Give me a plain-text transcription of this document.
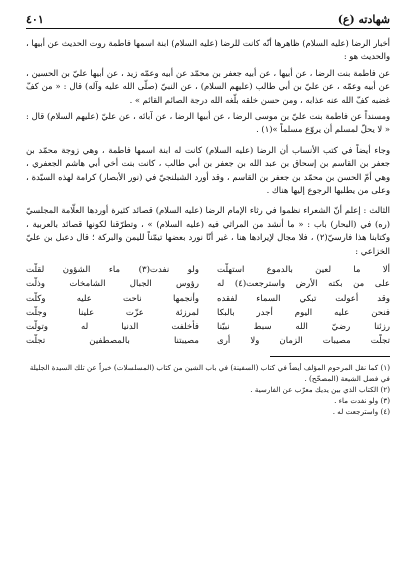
شهادته (ع)
٤٠١

أخبار الرضا (عليه السلام) ظاهرها أنّه كانت للرضا (عليه السلام) ابنة اسمها فاطمة روت الحديث عن أبيها ، والحديث هو :

عن فاطمة بنت الرضا ، عن أبيها ، عن أبيه جعفر بن محمّد عن أبيه وعمّه زيد ، عن أبيها عليّ بن الحسين ، عن أبيه وعمّه ، عن عليّ بن أبي طالب (عليهم السلام) ، عن النبيّ (صلّى الله عليه وآله) قال : « من كفّ غضبه كفّ الله عنه عذابه ، ومن حسن خلقه بلّغه الله درجة الصائم القائم » .

ومسنداً عن فاطمة بنت عليّ بن موسى الرضا ، عن أبيها الرضا ، عن آبائه ، عن عليّ (عليهم السلام) قال : « لا يحلّ لمسلم أن يروّع مسلماً »(١) .

وجاء أيضاً في كتب الأنساب أن الرضا (عليه السلام) كانت له ابنة اسمها فاطمة ، وهي زوجة محمّد بن جعفر بن القاسم بن إسحاق بن عبد الله بن جعفر بن أبي طالب ، كانت بنت أخي أبي هاشم الجعفري ، وهي أمّ الحسن بن محمّد بن جعفر بن القاسم ، وقد أورد الشبلنجيّ في (نور الأبصار) كرامة لهذه السيّدة ، وعلى من يطلبها الرجوع إليها هناك .

الثالث : إعلم أنّ الشعراء نظموا في رثاء الإمام الرضا (عليه السلام) قصائد كثيرة أوردها العلّامة المجلسيّ (ره) في (البحار) باب : « ما أنشد من المراثي فيه (عليه السلام) » ، وتطرّقنا لكونها قصائد بالعربية ، وكتابنا هذا فارسيّ(٢) ، فلا مجال لإيرادها هنا ، غير أنّا نورد بعضها تيمّناً لليمن والبركة ؛ قال دعبل بن عليّ الخزاعي :

ألا ما لعين بالدموع استهلّت
ولو نفدت(٣) ماء الشؤون لقلّت
على من بكته الأرض واسترجعت(٤) له
رؤوس الجبال الشامخات وذلّت
وقد أعولت تبكي السماء لفقده
وأنجمها ناحت عليه وكلّت
فنحن عليه اليوم أجدر بالبكا
لمرزئة عزّت علينا وجلّت
رزئنا رضيّ الله سبط نبيّنا
فأخلفت الدنيا له وتولّت
تجلّت مصيبات الزمان ولا أرى
مصيبتنا بالمصطفين تجلّت
(١) كما نقل المرحوم المؤلف أيضاً في كتاب (السفينة) في باب الشين من كتاب (المسلسلات) خبراً عن تلك السيدة الجليلة في فضل الشيعة (المصحّح) .
(٢) الكتاب الذي بين يديك معرّب عن الفارسية .
(٣) ولو نفدت ماء .
(٤) واسترجعت له .
